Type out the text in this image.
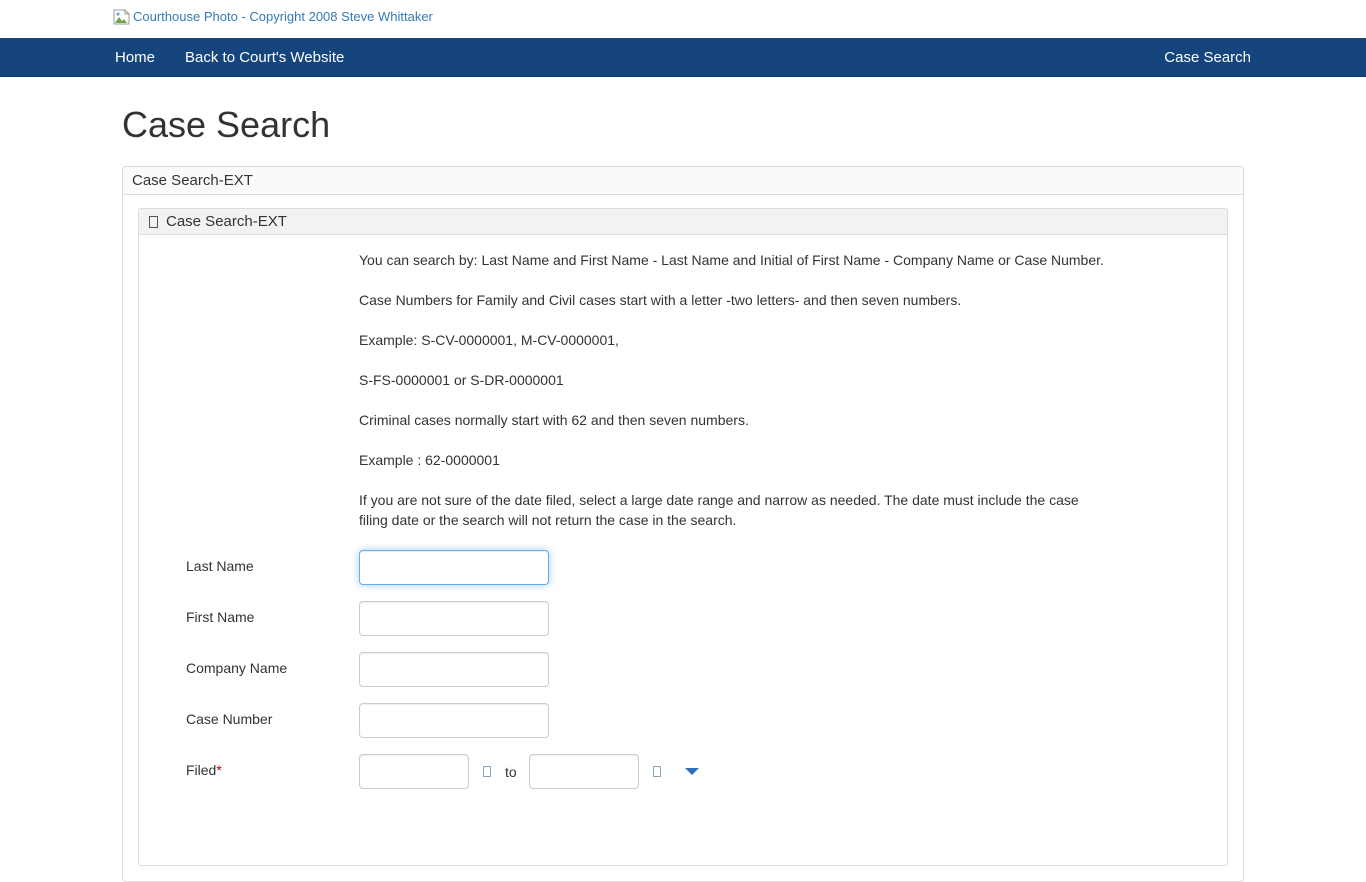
Courthouse Photo - Copyright 2008 Steve Whittaker
Home	Back to Court's Website	Case Search
Case Search
Case Search-EXT
Case Search-EXT

You can search by: Last Name and First Name - Last Name and Initial of First Name - Company Name or Case Number.

Case Numbers for Family and Civil cases start with a letter -two letters- and then seven numbers.

Example: S-CV-0000001, M-CV-0000001,

S-FS-0000001 or S-DR-0000001

Criminal cases normally start with 62 and then seven numbers.

Example : 62-0000001

If you are not sure of the date filed, select a large date range and narrow as needed. The date must include the case filing date or the search will not return the case in the search.

Last Name
First Name
Company Name
Case Number
Filed*	to
